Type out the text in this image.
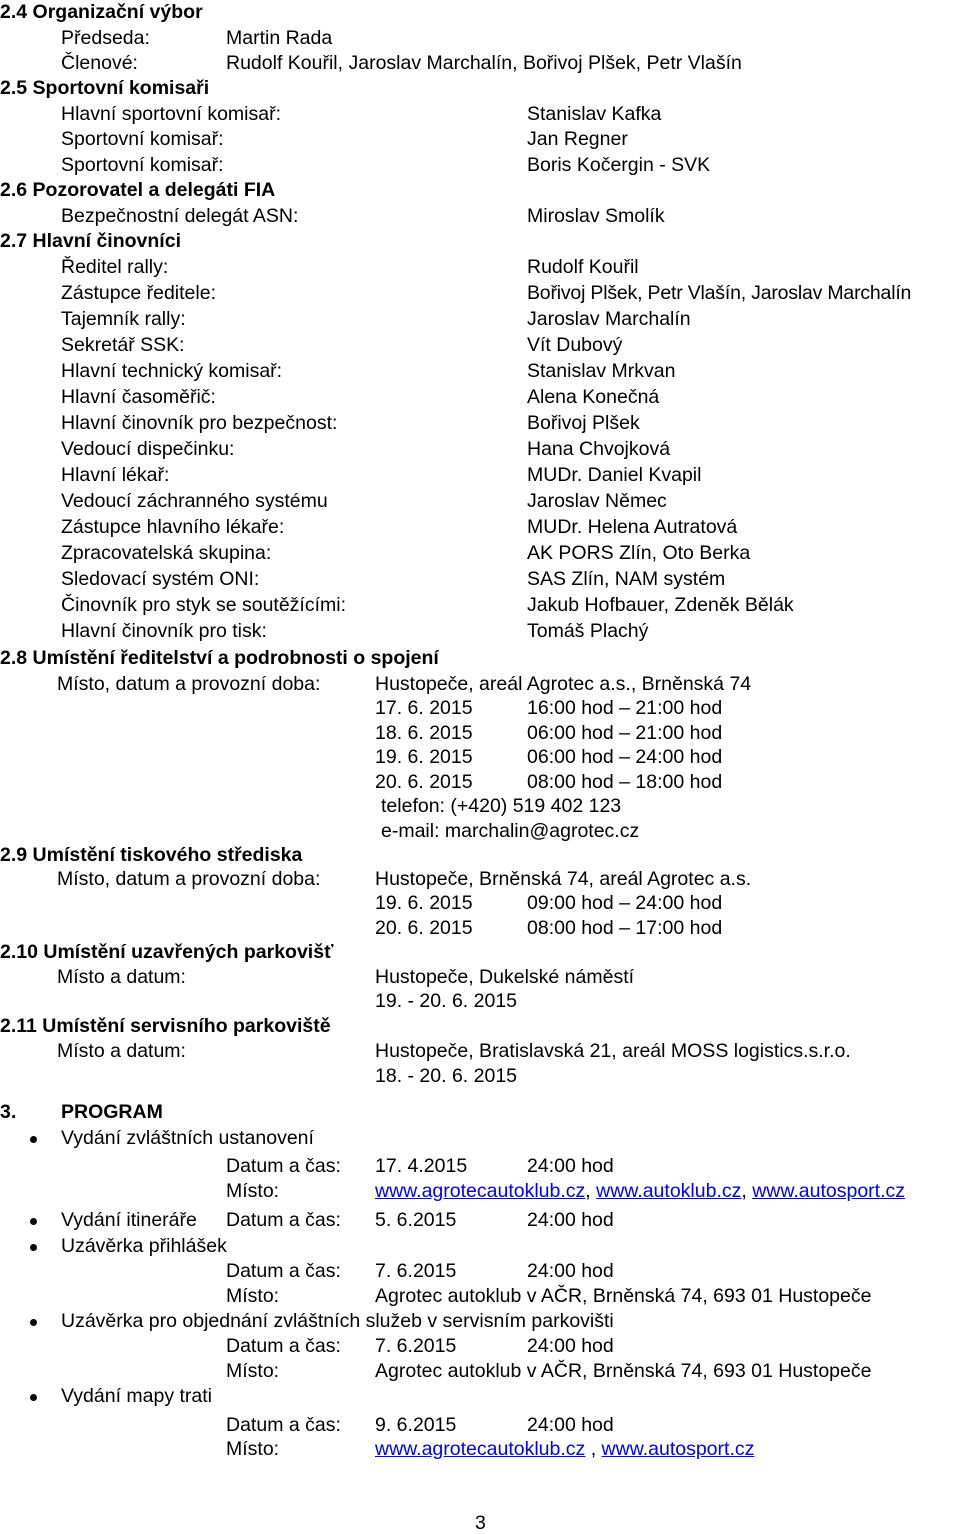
2.4 Organizační výbor
Předseda:	Martin Rada
Členové:	Rudolf Kouřil, Jaroslav Marchalín, Bořivoj Plšek, Petr Vlašín
2.5 Sportovní komisaři
Hlavní sportovní komisař:	Stanislav Kafka
Sportovní komisař:	Jan Regner
Sportovní komisař:	Boris Kočergin - SVK
2.6 Pozorovatel a delegáti FIA
Bezpečnostní delegát ASN:	Miroslav Smolík
2.7 Hlavní činovníci
Ředitel rally:	Rudolf Kouřil
Zástupce ředitele:	Bořivoj Plšek, Petr Vlašín, Jaroslav Marchalín
Tajemník rally:	Jaroslav Marchalín
Sekretář SSK:	Vít Dubový
Hlavní technický komisař:	Stanislav Mrkvan
Hlavní časoměřič:	Alena Konečná
Hlavní činovník pro bezpečnost:	Bořivoj Plšek
Vedoucí dispečinku:	Hana Chvojková
Hlavní lékař:	MUDr. Daniel Kvapil
Vedoucí záchranného systému	Jaroslav Němec
Zástupce hlavního lékaře:	MUDr. Helena Autratová
Zpracovatelská skupina:	AK PORS Zlín, Oto Berka
Sledovací systém ONI:	SAS Zlín, NAM systém
Činovník pro styk se soutěžícími:	Jakub Hofbauer, Zdeněk Bělák
Hlavní činovník pro tisk:	Tomáš Plachý
2.8 Umístění ředitelství a podrobnosti o spojení
Místo, datum a provozní doba:	Hustopeče, areál Agrotec a.s., Brněnská 74
17. 6. 2015	16:00 hod – 21:00 hod
18. 6. 2015	06:00 hod – 21:00 hod
19. 6. 2015	06:00 hod – 24:00 hod
20. 6. 2015	08:00 hod – 18:00 hod
telefon: (+420) 519 402 123
e-mail: marchalin@agrotec.cz
2.9 Umístění tiskového střediska
Místo, datum a provozní doba:	Hustopeče, Brněnská 74, areál Agrotec a.s.
19. 6. 2015	09:00 hod – 24:00 hod
20. 6. 2015	08:00 hod – 17:00 hod
2.10 Umístění uzavřených parkovišť
Místo a datum:	Hustopeče, Dukelské náměstí
19. - 20. 6. 2015
2.11 Umístění servisního parkoviště
Místo a datum:	Hustopeče, Bratislavská 21, areál MOSS logistics.s.r.o.
18. - 20. 6. 2015
3. PROGRAM
Vydání zvláštních ustanovení
Datum a čas: 17. 4.2015	24:00 hod
Místo:	www.agrotecautoklub.cz, www.autoklub.cz, www.autosport.cz
Vydání itineráře Datum a čas: 5. 6.2015	24:00 hod
Uzávěrka přihlášek
Datum a čas: 7. 6.2015	24:00 hod
Místo:	Agrotec autoklub v AČR, Brněnská 74, 693 01 Hustopeče
Uzávěrka pro objednání zvláštních služeb v servisním parkovišti
Datum a čas: 7. 6.2015	24:00 hod
Místo:	Agrotec autoklub v AČR, Brněnská 74, 693 01 Hustopeče
Vydání mapy trati
Datum a čas: 9. 6.2015	24:00 hod
Místo:	www.agrotecautoklub.cz , www.autosport.cz
3
